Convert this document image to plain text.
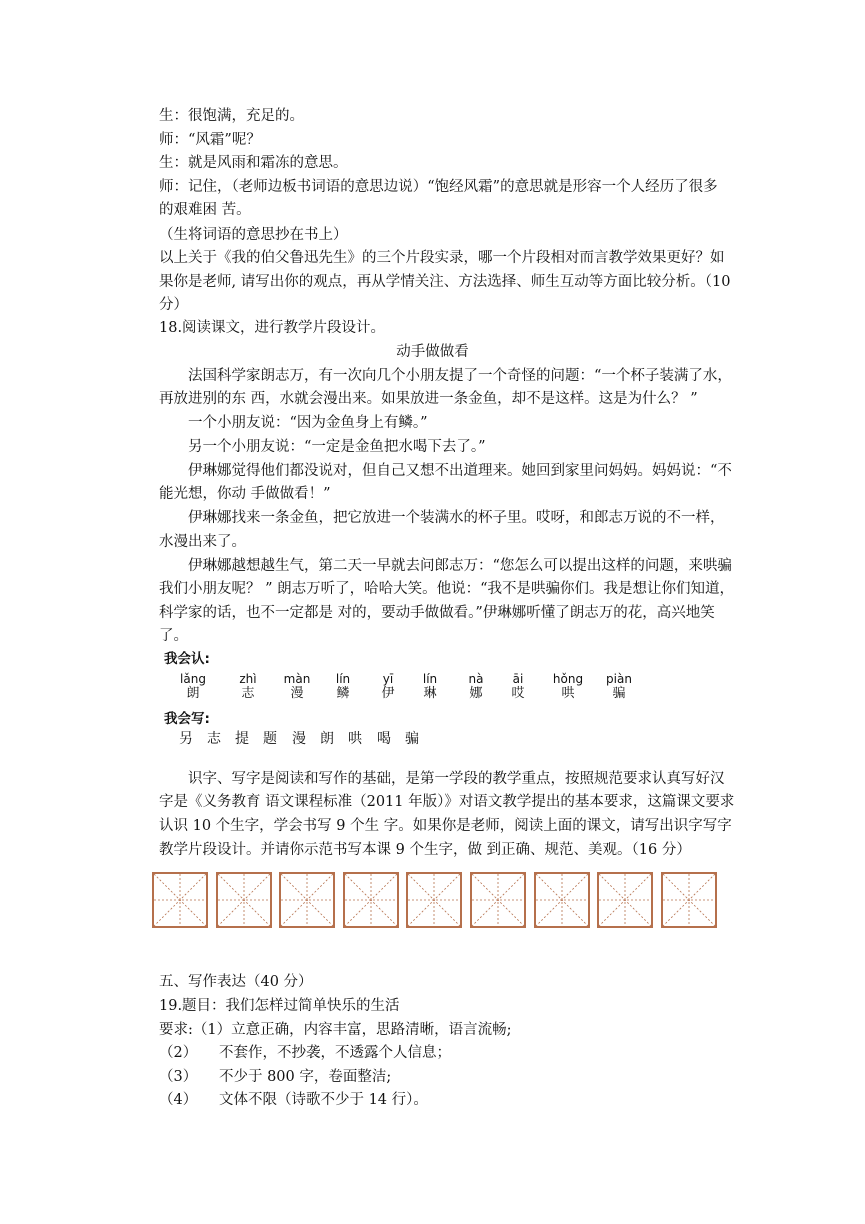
生：很饱满，充足的。
师：“风霜”呢？
生：就是风雨和霜冻的意思。
师：记住，（老师边板书词语的意思边说）“饱经风霜”的意思就是形容一个人经历了很多
的艰难困 苦。
（生将词语的意思抄在书上）
以上关于《我的伯父鲁迅先生》的三个片段实录，哪一个片段相对而言教学效果更好？如
果你是老师, 请写出你的观点，再从学情关注、方法选择、师生互动等方面比较分析。（10
分）
18.阅读课文，进行教学片段设计。
动手做做看
法国科学家朗志万，有一次向几个小朋友提了一个奇怪的问题：“一个杯子装满了水，
再放进别的东 西，水就会漫出来。如果放进一条金鱼，却不是这样。这是为什么？ ”
一个小朋友说：“因为金鱼身上有鳞。”
另一个小朋友说：“一定是金鱼把水喝下去了。”
伊琳娜觉得他们都没说对，但自己又想不出道理来。她回到家里问妈妈。妈妈说：“不
能光想，你动 手做做看！”
伊琳娜找来一条金鱼，把它放进一个装满水的杯子里。哎呀，和郎志万说的不一样，
水漫出来了。
伊琳娜越想越生气，第二天一早就去问郎志万：“您怎么可以提出这样的问题，来哄骗
我们小朋友呢？ ” 朗志万听了，哈哈大笑。他说：“我不是哄骗你们。我是想让你们知道，
科学家的话，也不一定都是 对的，要动手做做看。”伊琳娜听懂了朗志万的花，高兴地笑
了。
我会认:
lǎng
朗
zhì
志
màn
漫
lín
鳞
yī
伊
lín
琳
nà
娜
āi
哎
hǒng
哄
piàn
骗
我会写:
另 志 提 题 漫 朗 哄 喝 骗
识字、写字是阅读和写作的基础，是第一学段的教学重点，按照规范要求认真写好汉
字是《义务教育 语文课程标准（2011 年版）》对语文教学提出的基本要求，这篇课文要求
认识 10 个生字，学会书写 9 个生 字。如果你是老师，阅读上面的课文，请写出识字写字
教学片段设计。并请你示范书写本课 9 个生字，做 到正确、规范、美观。（16 分）
五、写作表达（40 分）
19.题目：我们怎样过简单快乐的生活
要求:（1）立意正确，内容丰富，思路清晰，语言流畅;
（2）　　不套作，不抄袭，不透露个人信息；
（3）　　不少于 800 字，卷面整洁;
（4）　　文体不限（诗歌不少于 14 行）。
